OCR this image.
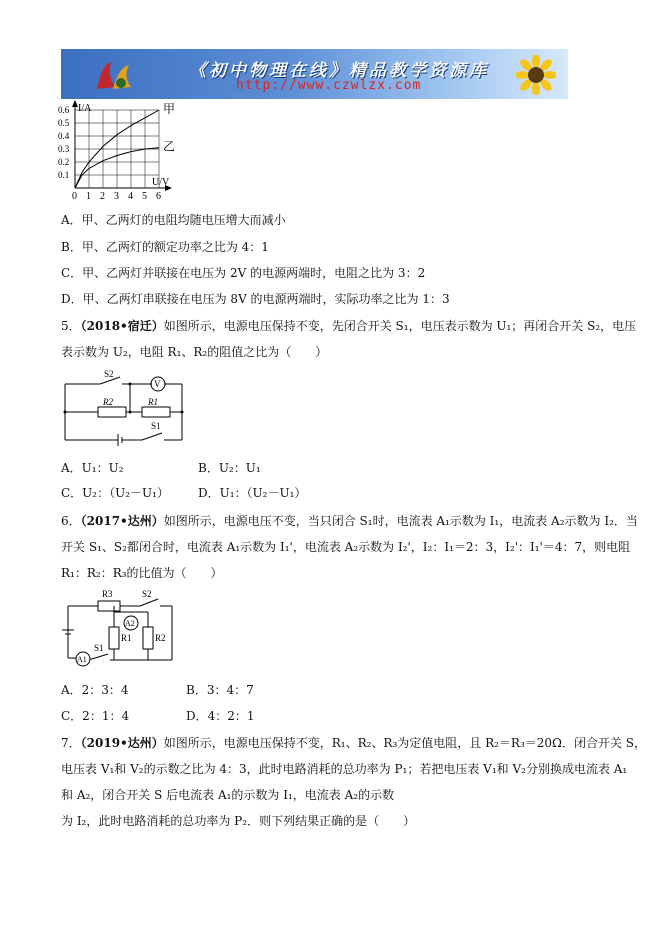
《初中物理在线》精品教学资源库
http://www.czwlzx.com
I/A
U/V
0 1 2 3 4 5 6
0.1
0.2
0.3
0.4
0.5
0.6	甲
乙
A．甲、乙两灯的电阻均随电压增大而减小
B．甲、乙两灯的额定功率之比为 4：1
C．甲、乙两灯并联接在电压为 2V 的电源两端时，电阻之比为 3：2
D．甲、乙两灯串联接在电压为 8V 的电源两端时，实际功率之比为 1：3
5．（2018•宿迁）如图所示，电源电压保持不变，先闭合开关 S₁，电压表示数为 U₁；再闭合开关 S₂，电压
表示数为 U₂，电阻 R₁、R₂的阻值之比为（　　）
S2
V
R2	R1
S1
A．U₁：U₂	B．U₂：U₁
C．U₂：（U₂－U₁） D．U₁：（U₂－U₁）
6．（2017•达州）如图所示，电源电压不变，当只闭合 S₁时，电流表 A₁示数为 I₁，电流表 A₂示数为 I₂．当
开关 S₁、S₂都闭合时，电流表 A₁示数为 I₁'，电流表 A₂示数为 I₂'，I₂：I₁＝2：3，I₂'：I₁'＝4：7，则电阻
R₁：R₂：R₃的比值为（　　）
R3	S2
A2
R1	R2
S1
A1
A．2：3：4	B．3：4：7
C．2：1：4	D．4：2：1
7．（2019•达州）如图所示，电源电压保持不变，R₁、R₂、R₃为定值电阻，且 R₂＝R₃＝20Ω．闭合开关 S，
电压表 V₁和 V₂的示数之比为 4：3，此时电路消耗的总功率为 P₁；若把电压表 V₁和 V₂分别换成电流表 A₁
和 A₂，闭合开关 S 后电流表 A₁的示数为 I₁，电流表 A₂的示数
为 I₂，此时电路消耗的总功率为 P₂．则下列结果正确的是（　　）
